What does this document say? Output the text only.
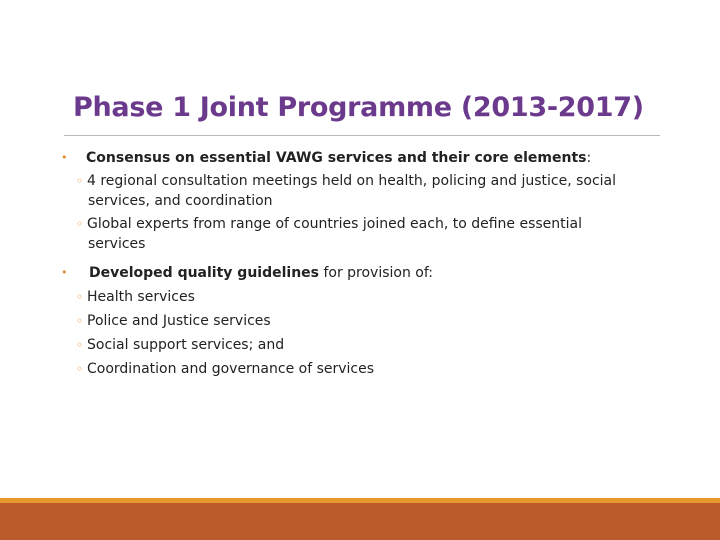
Phase 1 Joint Programme (2013-2017)
• Consensus on essential VAWG services and their core elements:
◦ 4 regional consultation meetings held on health, policing and justice, social
services, and coordination
◦ Global experts from range of countries joined each, to define essential
services
• Developed quality guidelines for provision of:
◦ Health services
◦ Police and Justice services
◦ Social support services; and
◦ Coordination and governance of services
